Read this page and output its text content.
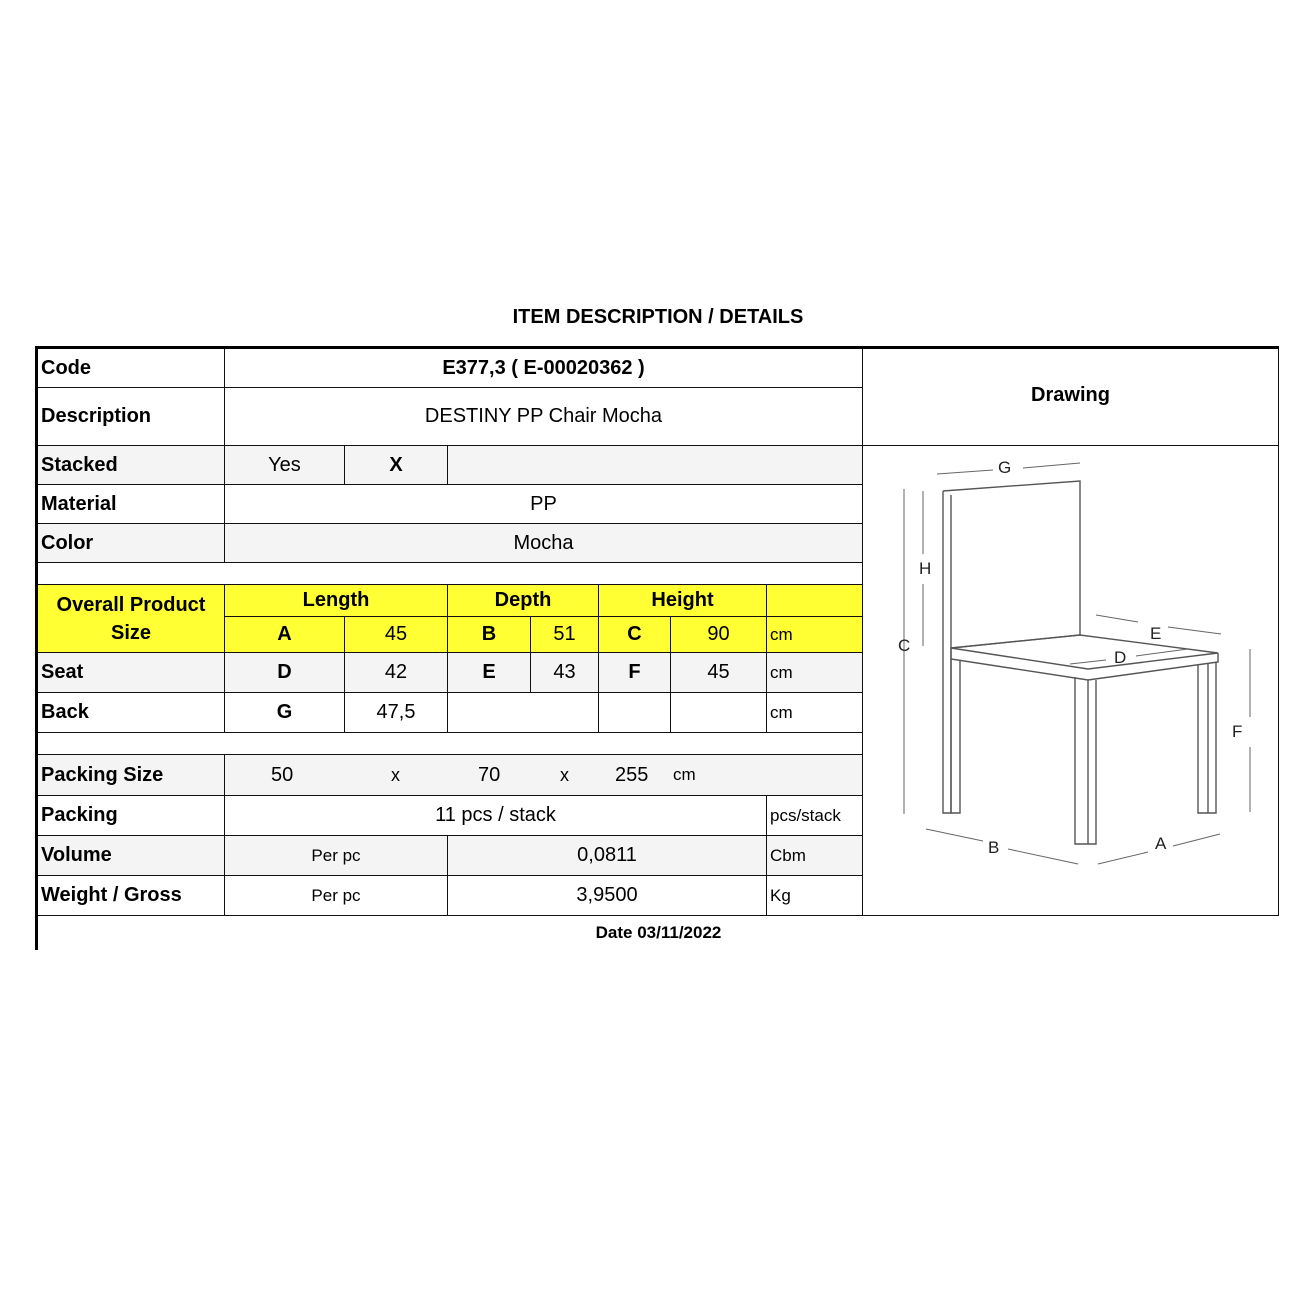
ITEM DESCRIPTION / DETAILS
Code	E377,3 ( E-00020362 )
Drawing
Description	DESTINY PP Chair Mocha
Stacked	Yes	X
Material	PP
Color	Mocha
Overall Product Size
Length	Depth	Height
A	45	B	51	C	90	cm
Seat	D	42	E	43	F	45	cm
Back	G	47,5	cm
Packing Size	50	x	70	x 255 cm
Packing	11 pcs / stack	pcs/stack
Volume	Per pc	0,0811	Cbm
Weight / Gross	Per pc	3,9500	Kg
G
H
C
E
D
F
B	A
Date 03/11/2022
